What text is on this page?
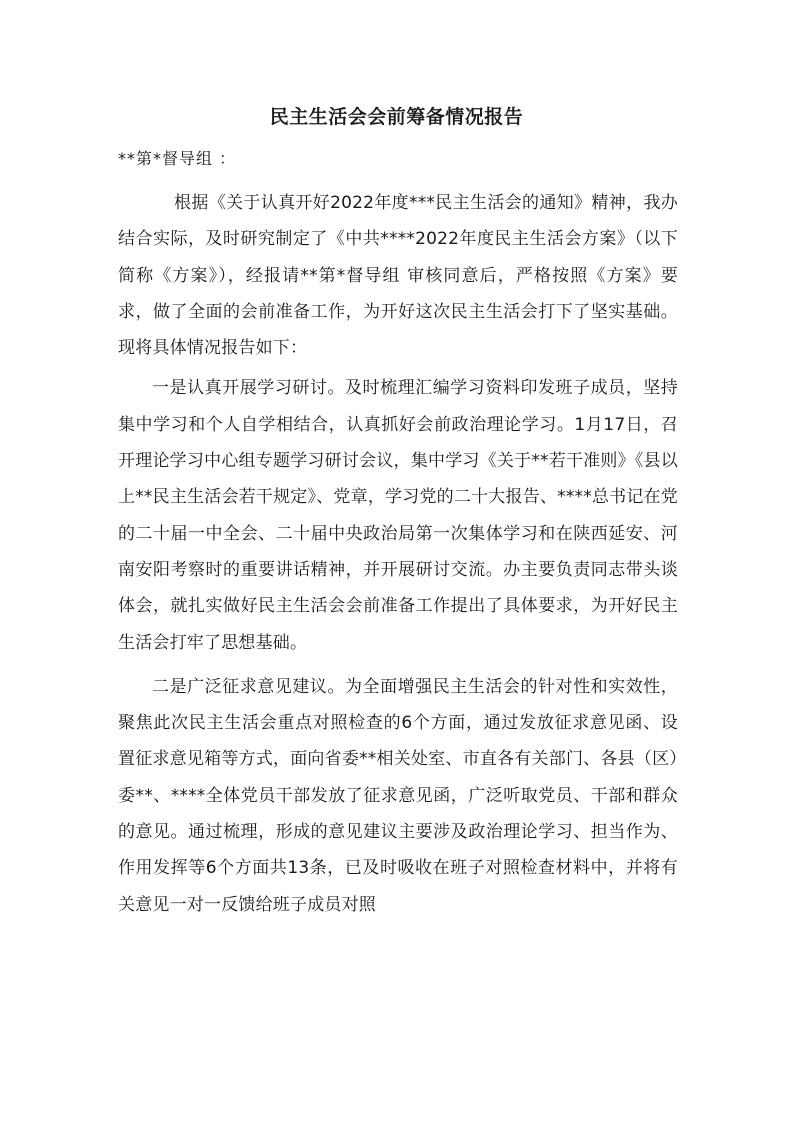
民主生活会会前筹备情况报告

**第*督导组 ：

根据《关于认真开好2022年度***民主生活会的通知》精神，我办结合实际，及时研究制定了《中共****2022年度民主生活会方案》（以下简称《方案》），经报请**第*督导组 审核同意后，严格按照《方案》要求，做了全面的会前准备工作，为开好这次民主生活会打下了坚实基础。现将具体情况报告如下：

一是认真开展学习研讨。及时梳理汇编学习资料印发班子成员，坚持集中学习和个人自学相结合，认真抓好会前政治理论学习。1月17日，召开理论学习中心组专题学习研讨会议，集中学习《关于**若干准则》《县以上**民主生活会若干规定》、党章，学习党的二十大报告、****总书记在党的二十届一中全会、二十届中央政治局第一次集体学习和在陕西延安、河南安阳考察时的重要讲话精神，并开展研讨交流。办主要负责同志带头谈体会，就扎实做好民主生活会会前准备工作提出了具体要求，为开好民主生活会打牢了思想基础。

二是广泛征求意见建议。为全面增强民主生活会的针对性和实效性，聚焦此次民主生活会重点对照检查的6个方面，通过发放征求意见函、设置征求意见箱等方式，面向省委**相关处室、市直各有关部门、各县（区）委**、****全体党员干部发放了征求意见函，广泛听取党员、干部和群众的意见。通过梳理，形成的意见建议主要涉及政治理论学习、担当作为、作用发挥等6个方面共13条，已及时吸收在班子对照检查材料中，并将有关意见一对一反馈给班子成员对照
